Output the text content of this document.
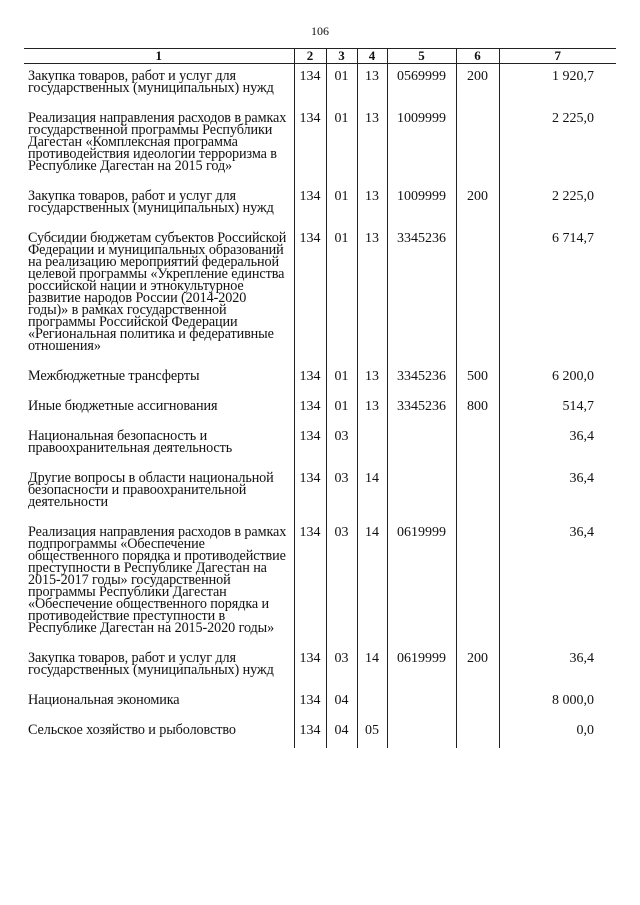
106
1	2	3	4	5	6	7
Закупка товаров, работ и услуг для государственных (муниципальных) нужд	134	01	13	0569999	200	1 920,7
Реализация направления расходов в рамках государственной программы Республики Дагестан «Комплексная программа противодействия идеологии терроризма в Республике Дагестан на 2015 год»	134	01	13	1009999		2 225,0
Закупка товаров, работ и услуг для государственных (муниципальных) нужд	134	01	13	1009999	200	2 225,0
Субсидии бюджетам субъектов Российской Федерации и муниципальных образований на реализацию мероприятий федеральной целевой программы «Укрепление единства российской нации и этнокультурное развитие народов России (2014-2020 годы)» в рамках государственной программы Российской Федерации «Региональная политика и федеративные отношения»	134	01	13	3345236		6 714,7
Межбюджетные трансферты	134	01	13	3345236	500	6 200,0
Иные бюджетные ассигнования	134	01	13	3345236	800	514,7
Национальная безопасность и правоохранительная деятельность	134	03				36,4
Другие вопросы в области национальной безопасности и правоохранительной деятельности	134	03	14			36,4
Реализация направления расходов в рамках подпрограммы «Обеспечение общественного порядка и противодействие преступности в Республике Дагестан на 2015-2017 годы» государственной программы Республики Дагестан «Обеспечение общественного порядка и противодействие преступности в Республике Дагестан на 2015-2020 годы»	134	03	14	0619999		36,4
Закупка товаров, работ и услуг для государственных (муниципальных) нужд	134	03	14	0619999	200	36,4
Национальная экономика	134	04				8 000,0
Сельское хозяйство и рыболовство	134	04	05			0,0
